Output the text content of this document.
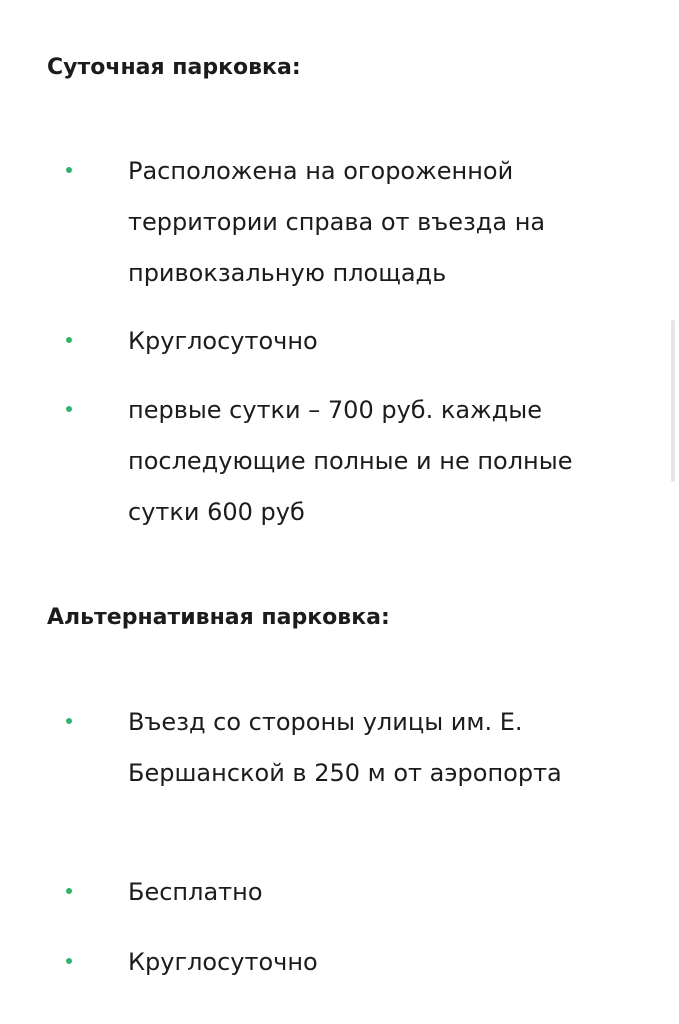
Суточная парковка:

Расположена на огороженной территории справа от въезда на привокзальную площадь

Круглосуточно

первые сутки – 700 руб. каждые последующие полные и не полные сутки 600 руб

Альтернативная парковка:

Въезд со стороны улицы им. Е. Бершанской в 250 м от аэропорта

Бесплатно

Круглосуточно
